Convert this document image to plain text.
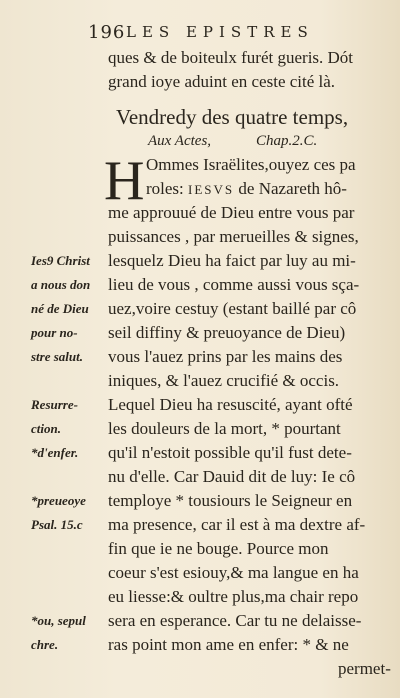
196 LES EPISTRES
ques & de boiteulx furét gueris. Dót
grand ioye aduint en ceste cité là.
Vendredy des quatre temps,
Aux Actes,	Chap.2.C.
H Ommes Israëlites,ouyez ces pa
roles: IESVS de Nazareth hô-
me approuué de Dieu entre vous par
puissances , par merueilles & signes,
lesquelz Dieu ha faict par luy au mi-
lieu de vous , comme aussi vous sça-
uez,voire cestuy (estant baillé par cô
seil diffiny & preuoyance de Dieu)
vous l'auez prins par les mains des
iniques, & l'auez crucifié & occis.
Lequel Dieu ha resuscité, ayant ofté
les douleurs de la mort, * pourtant
qu'il n'estoit possible qu'il fust dete-
nu d'elle. Car Dauid dit de luy: Ie cô
temploye * tousiours le Seigneur en
ma presence, car il est à ma dextre af-
fin que ie ne bouge. Pource mon
coeur s'est esiouy,& ma langue en ha
eu liesse:& oultre plus,ma chair repo
sera en esperance. Car tu ne delaisse-
ras point mon ame en enfer: * & ne
permet-
Ies9 Christ
a nous don
né de Dieu
pour no-
stre salut.
Resurre-
ction.
*d'enfer.
*preueoye
Psal. 15.c
*ou, sepul
chre.
